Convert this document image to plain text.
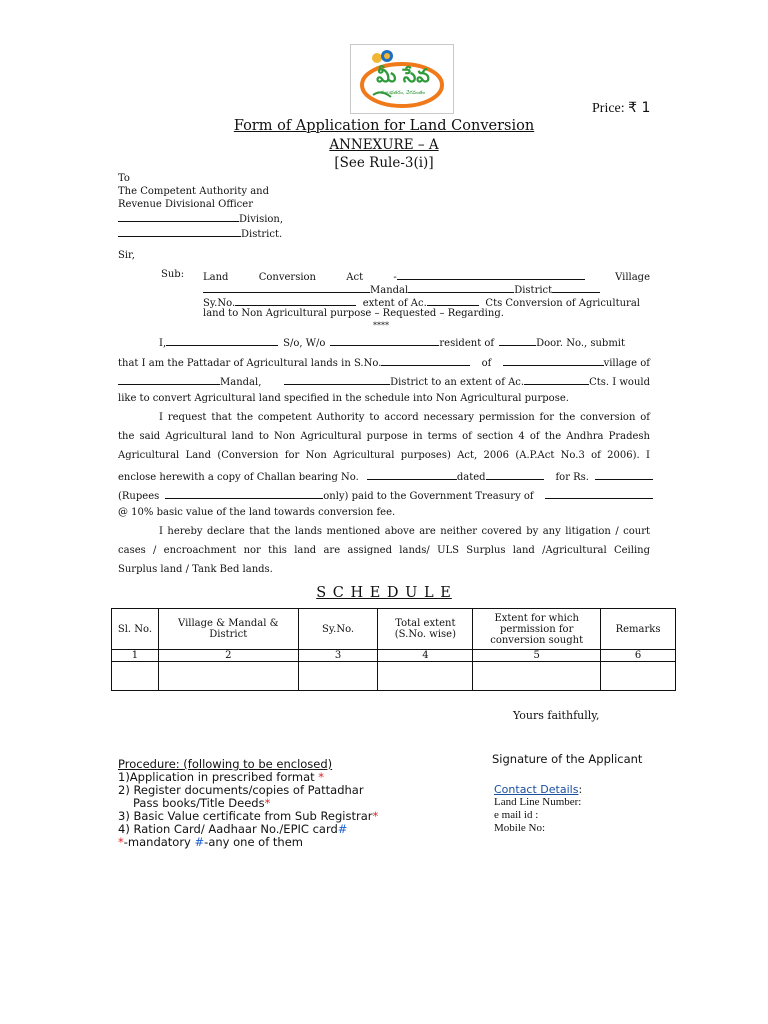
మీ సేవ
సులభతరం, వేగవంతం
Price: ₹ 1
Form of Application for Land Conversion
ANNEXURE – A
[See Rule-3(i)]
To
The Competent Authority and
Revenue Divisional Officer
Division,
District.
Sir,
Sub: Land	Conversion	Act	-	Village
Mandal	District
Sy.No.	extent of Ac.	Cts Conversion of Agricultural
land to Non Agricultural purpose – Requested – Regarding.
****
I,	S/o, W/o	resident of	Door. No., submit
that I am the Pattadar of Agricultural lands in S.No.	of	village of
Mandal,	District to an extent of Ac.	Cts. I would
like to convert Agricultural land specified in the schedule into Non Agricultural purpose.
I request that the competent Authority to accord necessary permission for the conversion of
the said Agricultural land to Non Agricultural purpose in terms of section 4 of the Andhra Pradesh
Agricultural Land (Conversion for Non Agricultural purposes) Act, 2006 (A.P.Act No.3 of 2006). I
enclose herewith a copy of Challan bearing No.	dated	for Rs.
(Rupees	only) paid to the Government Treasury of
@ 10% basic value of the land towards conversion fee.
I hereby declare that the lands mentioned above are neither covered by any litigation / court
cases / encroachment nor this land are assigned lands/ ULS Surplus land /Agricultural Ceiling
Surplus land / Tank Bed lands.
S C H E D U L E
Sl. No.	Village & Mandal & District	Sy.No.	Total extent (S.No. wise)	Extent for which permission for conversion sought	Remarks
1	2	3	4	5	6

Yours faithfully,
Signature of the Applicant
Procedure: (following to be enclosed)
1)Application in prescribed format *
2) Register documents/copies of Pattadhar
Pass books/Title Deeds*
3) Basic Value certificate from Sub Registrar*
4) Ration Card/ Aadhaar No./EPIC card#
*-mandatory #-any one of them
Contact Details:
Land Line Number:
e mail id :
Mobile No:
